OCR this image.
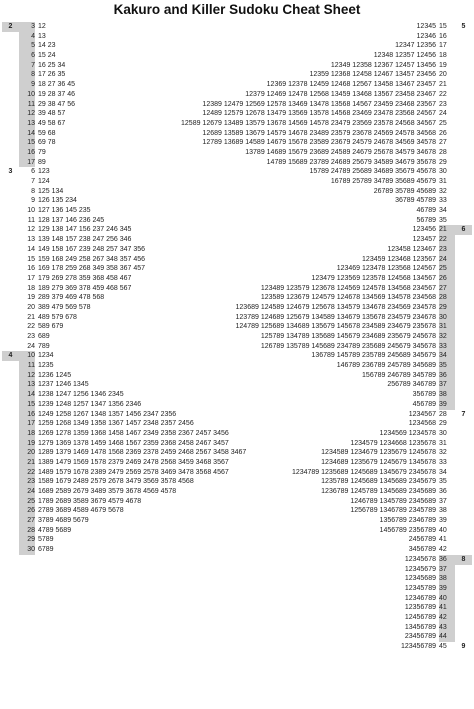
Kakuro and Killer Sudoku Cheat Sheet
2	3 12
4 13
5 14 23
6 15 24
7 16 25 34
8 17 26 35
9 18 27 36 45
10 19 28 37 46
11 29 38 47 56
12 39 48 57
13 49 58 67
14 59 68
15 69 78
16 79
17 89
3	6 123
7 124
8 125 134
9 126 135 234
10 127 136 145 235
11 128 137 146 236 245
12 129 138 147 156 237 246 345
13 139 148 157 238 247 256 346
14 149 158 167 239 248 257 347 356
15 159 168 249 258 267 348 357 456
16 169 178 259 268 349 358 367 457
17 179 269 278 359 368 458 467
18 189 279 369 378 459 468 567
19 289 379 469 478 568
20 389 479 569 578
21 489 579 678
22 589 679
23 689
24 789
4	10 1234
11 1235
12 1236 1245
13 1237 1246 1345
14 1238 1247 1256 1346 2345
15 1239 1248 1257 1347 1356 2346
16 1249 1258 1267 1348 1357 1456 2347 2356
17 1259 1268 1349 1358 1367 1457 2348 2357 2456
18 1269 1278 1359 1368 1458 1467 2349 2358 2367 2457 3456
19 1279 1369 1378 1459 1468 1567 2359 2368 2458 2467 3457
20 1289 1379 1469 1478 1568 2369 2378 2459 2468 2567 3458 3467
21 1389 1479 1569 1578 2379 2469 2478 2568 3459 3468 3567
22 1489 1579 1678 2389 2479 2569 2578 3469 3478 3568 4567
23 1589 1679 2489 2579 2678 3479 3569 3578 4568
24 1689 2589 2679 3489 3579 3678 4569 4578
25 1789 2689 3589 3679 4579 4678
26 2789 3689 4589 4679 5678
27 3789 4689 5679
28 4789 5689
29 5789
30 6789
12345 15	5
12346 16
12347 12356 17
12348 12357 12456 18
12349 12358 12367 12457 13456 19
12359 12368 12458 12467 13457 23456 20
12369 12378 12459 12468 12567 13458 13467 23457 21
12379 12469 12478 12568 13459 13468 13567 23458 23467 22
12389 12479 12569 12578 13469 13478 13568 14567 23459 23468 23567 23
12489 12579 12678 13479 13569 13578 14568 23469 23478 23568 24567 24
12589 12679 13489 13579 13678 14569 14578 23479 23569 23578 24568 34567 25
12689 13589 13679 14579 14678 23489 23579 23678 24569 24578 34568 26
12789 13689 14589 14679 15678 23589 23679 24579 24678 34569 34578 27
13789 14689 15679 23689 24589 24679 25678 34579 34678 28
14789 15689 23789 24689 25679 34589 34679 35678 29
15789 24789 25689 34689 35679 45678 30
16789 25789 34789 35689 45679 31
26789 35789 45689 32
36789 45789 33
46789 34
56789 35
123456 21	6
123457 22
123458 123467 23
123459 123468 123567 24
123469 123478 123568 124567 25
123479 123569 123578 124568 134567 26
123489 123579 123678 124569 124578 134568 234567 27
123589 123679 124579 124678 134569 134578 234568 28
123689 124589 124679 125678 134579 134678 234569 234578 29
123789 124689 125679 134589 134679 135678 234579 234678 30
124789 125689 134689 135679 145678 234589 234679 235678 31
125789 134789 135689 145679 234689 235679 245678 32
126789 135789 145689 234789 235689 245679 345678 33
136789 145789 235789 245689 345679 34
146789 236789 245789 345689 35
156789 246789 345789 36
256789 346789 37
356789 38
456789 39
1234567 28	7
1234568 29
1234569 1234578 30
1234579 1234668 1235678 31
1234589 1234679 1235679 1245678 32
1234689 1235679 1245679 1345678 33
1234789 1235689 1245689 1345679 2345678 34
1235789 1245689 1345689 2345679 35
1236789 1245789 1345689 2345689 36
1246789 1345789 2345689 37
1256789 1346789 2345789 38
1356789 2346789 39
1456789 2356789 40
2456789 41
3456789 42
12345678 36	8
12345679 37
12345689 38
12345789 39
12346789 40
12356789 41
12456789 42
13456789 43
23456789 44
123456789 45	9
